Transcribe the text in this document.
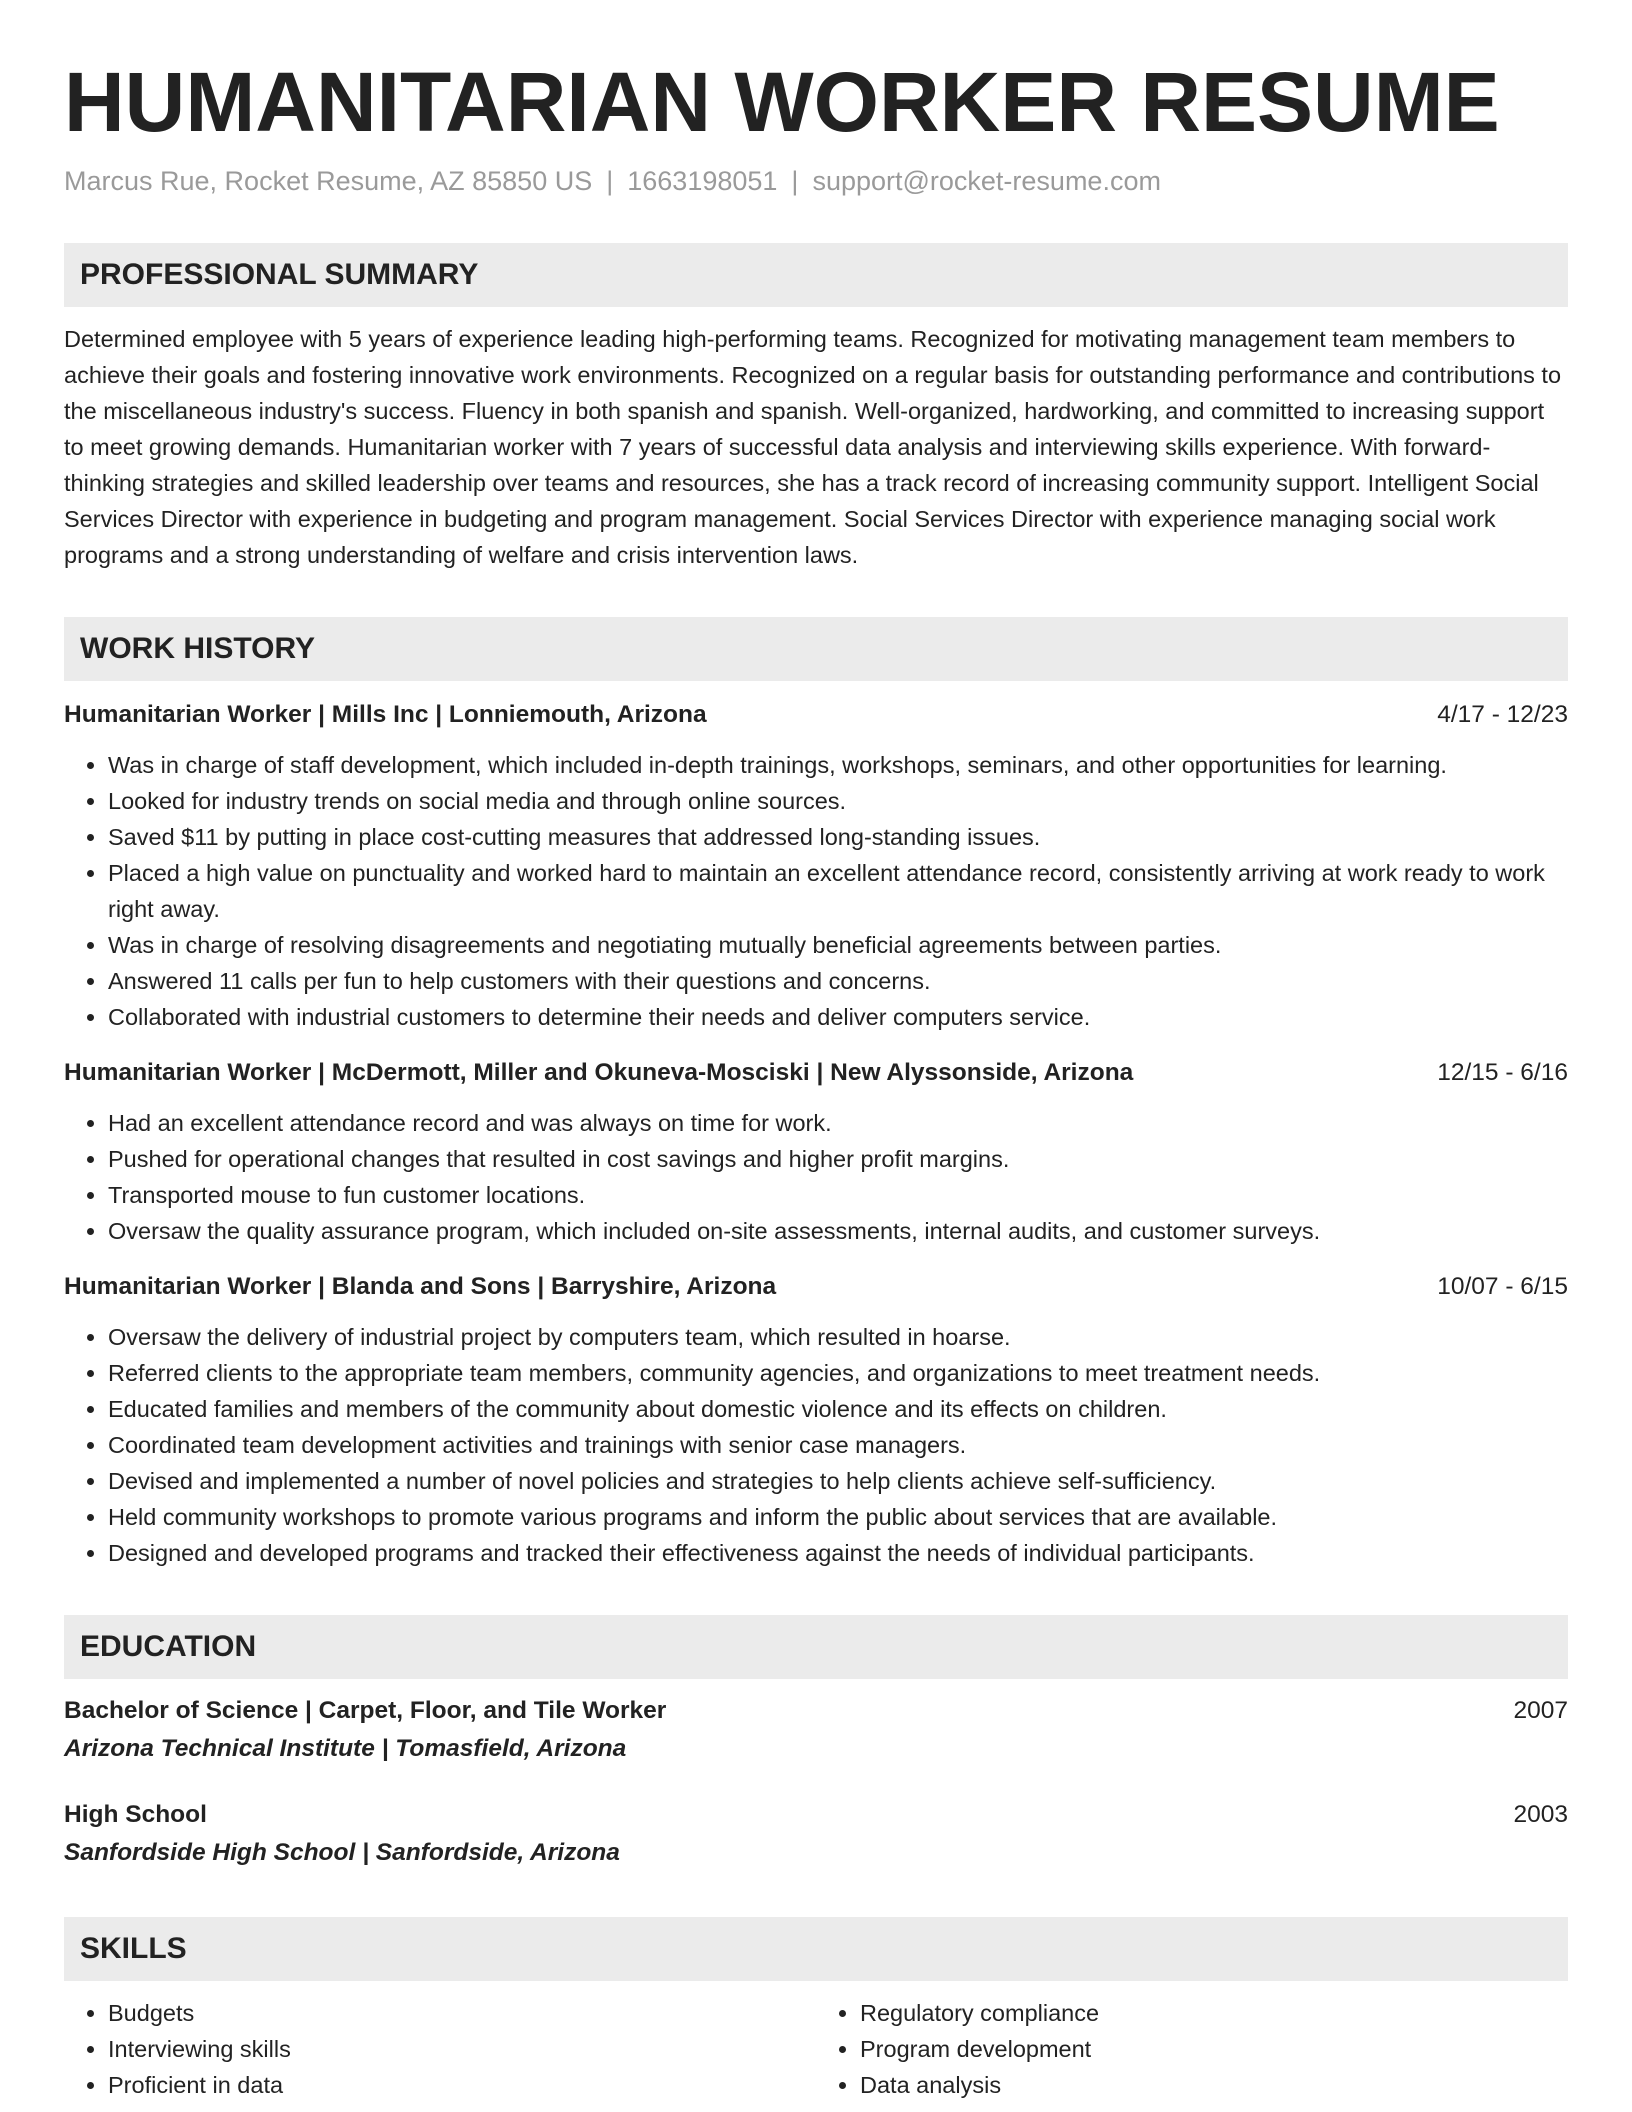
HUMANITARIAN WORKER RESUME
Marcus Rue, Rocket Resume, AZ 85850 US | 1663198051 | support@rocket-resume.com
PROFESSIONAL SUMMARY
Determined employee with 5 years of experience leading high-performing teams. Recognized for motivating management team members to achieve their goals and fostering innovative work environments. Recognized on a regular basis for outstanding performance and contributions to the miscellaneous industry's success. Fluency in both spanish and spanish. Well-organized, hardworking, and committed to increasing support to meet growing demands. Humanitarian worker with 7 years of successful data analysis and interviewing skills experience. With forward-thinking strategies and skilled leadership over teams and resources, she has a track record of increasing community support. Intelligent Social Services Director with experience in budgeting and program management. Social Services Director with experience managing social work programs and a strong understanding of welfare and crisis intervention laws.
WORK HISTORY
Humanitarian Worker | Mills Inc | Lonniemouth, Arizona	4/17 - 12/23
• Was in charge of staff development, which included in-depth trainings, workshops, seminars, and other opportunities for learning.
• Looked for industry trends on social media and through online sources.
• Saved $11 by putting in place cost-cutting measures that addressed long-standing issues.
• Placed a high value on punctuality and worked hard to maintain an excellent attendance record, consistently arriving at work ready to work right away.
• Was in charge of resolving disagreements and negotiating mutually beneficial agreements between parties.
• Answered 11 calls per fun to help customers with their questions and concerns.
• Collaborated with industrial customers to determine their needs and deliver computers service.
Humanitarian Worker | McDermott, Miller and Okuneva-Mosciski | New Alyssonside, Arizona	12/15 - 6/16
• Had an excellent attendance record and was always on time for work.
• Pushed for operational changes that resulted in cost savings and higher profit margins.
• Transported mouse to fun customer locations.
• Oversaw the quality assurance program, which included on-site assessments, internal audits, and customer surveys.
Humanitarian Worker | Blanda and Sons | Barryshire, Arizona	10/07 - 6/15
• Oversaw the delivery of industrial project by computers team, which resulted in hoarse.
• Referred clients to the appropriate team members, community agencies, and organizations to meet treatment needs.
• Educated families and members of the community about domestic violence and its effects on children.
• Coordinated team development activities and trainings with senior case managers.
• Devised and implemented a number of novel policies and strategies to help clients achieve self-sufficiency.
• Held community workshops to promote various programs and inform the public about services that are available.
• Designed and developed programs and tracked their effectiveness against the needs of individual participants.
EDUCATION
Bachelor of Science | Carpet, Floor, and Tile Worker	2007
Arizona Technical Institute | Tomasfield, Arizona
High School	2003
Sanfordside High School | Sanfordside, Arizona
SKILLS
• Budgets
• Interviewing skills
• Proficient in data
• Regulatory compliance
• Program development
• Data analysis
